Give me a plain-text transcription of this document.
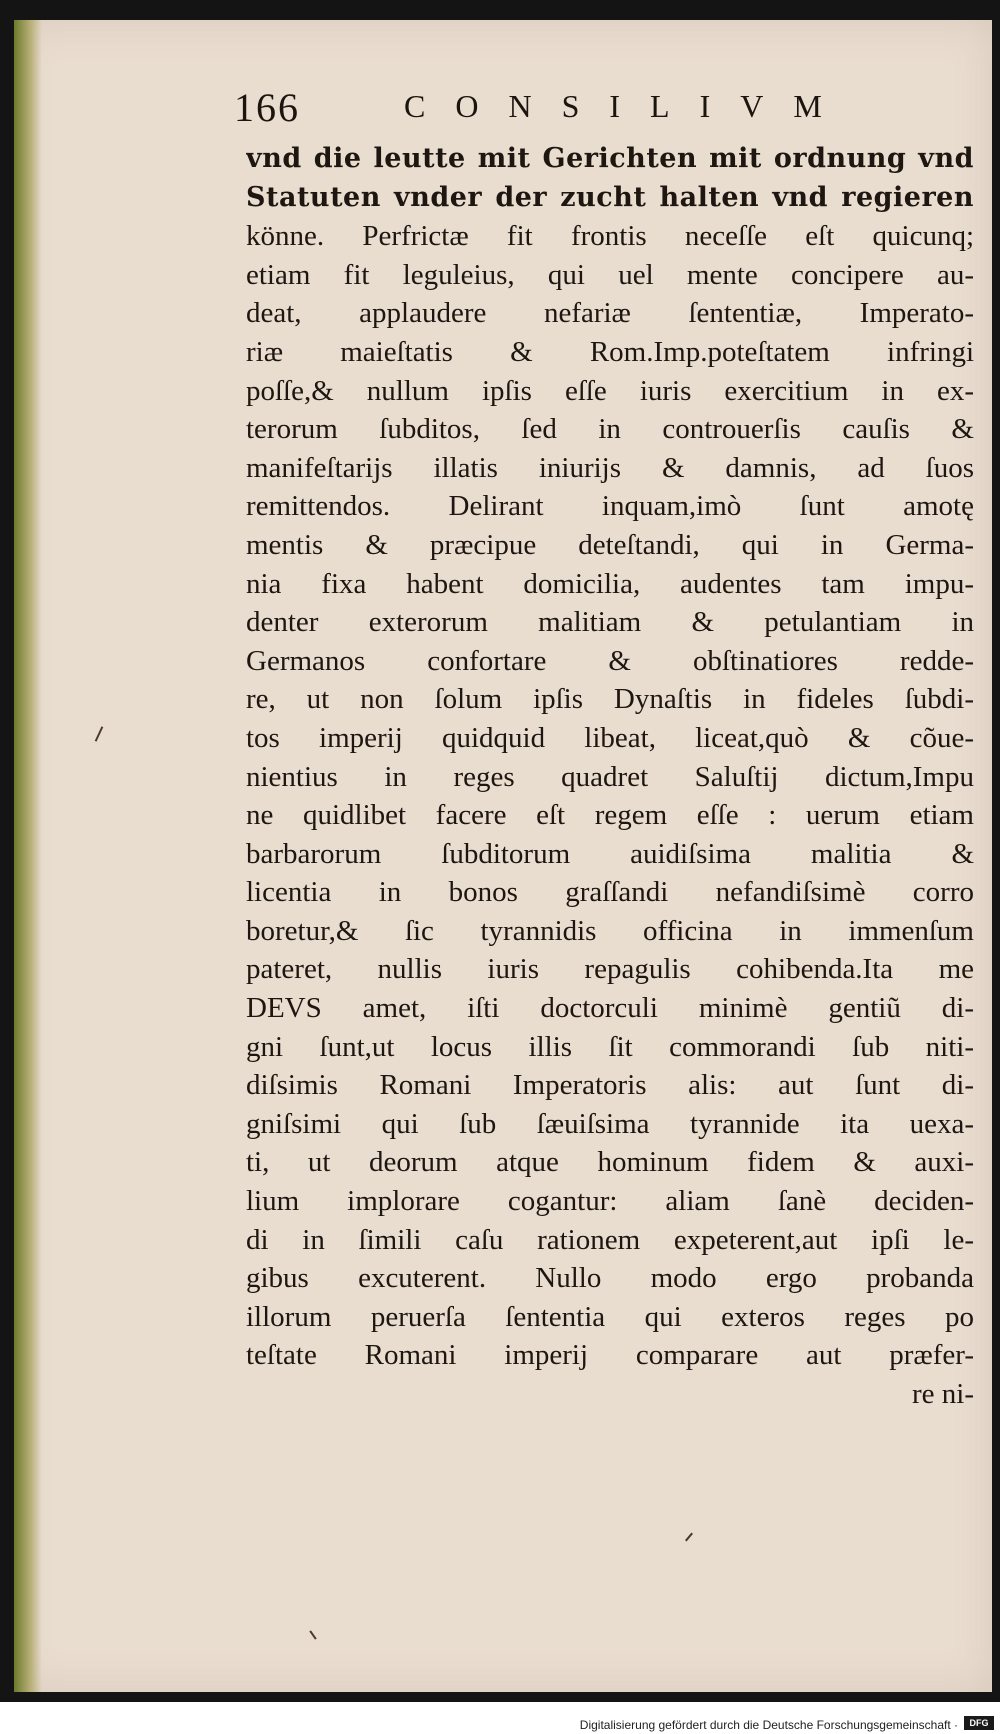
166	CONSILIVM
vnd die leutte mit Gerichten mit ordnung vnd
Statuten vnder der zucht halten vnd regieren
könne. Perfrictæ fit frontis neceſſe eſt quicunq;
etiam fit leguleius, qui uel mente concipere au-
deat, applaudere nefariæ ſententiæ, Imperato-
riæ maieſtatis & Rom.Imp.poteſtatem infringi
poſſe,& nullum ipſis eſſe iuris exercitium in ex-
terorum ſubditos, ſed in controuerſis cauſis &
manifeſtarijs illatis iniurijs & damnis, ad ſuos
remittendos. Delirant inquam,imò ſunt amotę
mentis & præcipue deteſtandi, qui in Germa-
nia fixa habent domicilia, audentes tam impu-
denter exterorum malitiam & petulantiam in
Germanos confortare & obſtinatiores redde-
re, ut non ſolum ipſis Dynaſtis in fideles ſubdi-
tos imperij quidquid libeat, liceat,quò & cõue-
nientius in reges quadret Saluſtij dictum,Impu
ne quidlibet facere eſt regem eſſe : uerum etiam
barbarorum ſubditorum auidiſsima malitia &
licentia in bonos graſſandi nefandiſsimè corro
boretur,& ſic tyrannidis officina in immenſum
pateret, nullis iuris repagulis cohibenda.Ita me
DEVS amet, iſti doctorculi minimè gentiũ di-
gni ſunt,ut locus illis ſit commorandi ſub niti-
diſsimis Romani Imperatoris alis: aut ſunt di-
gniſsimi qui ſub ſæuiſsima tyrannide ita uexa-
ti, ut deorum atque hominum fidem & auxi-
lium implorare cogantur: aliam ſanè deciden-
di in ſimili caſu rationem expeterent,aut ipſi le-
gibus excuterent. Nullo modo ergo probanda
illorum peruerſa ſententia qui exteros reges po
teſtate Romani imperij comparare aut præfer-
re ni-
Digitalisierung gefördert durch die Deutsche Forschungsgemeinschaft ·	DFG
